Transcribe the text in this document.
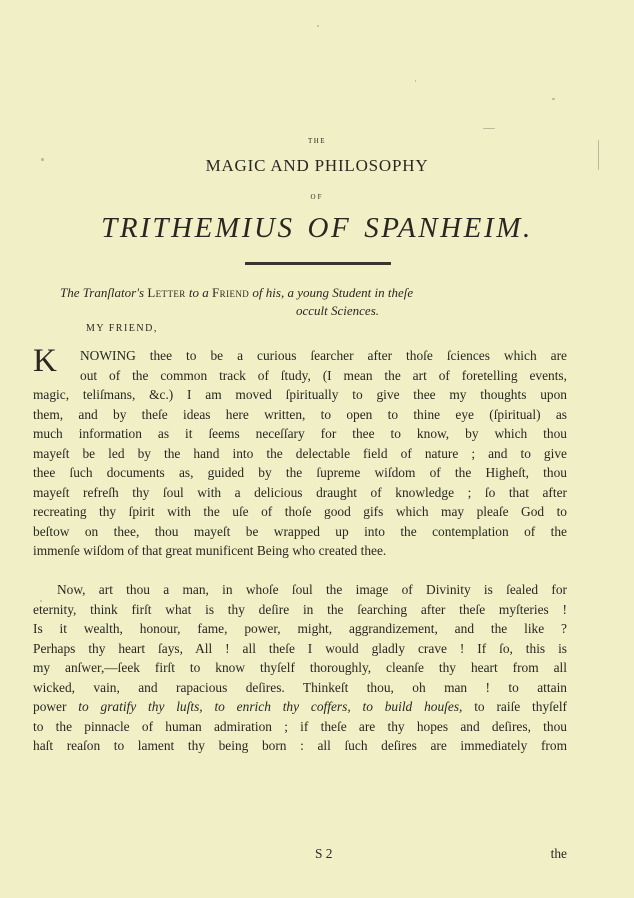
THE
MAGIC AND PHILOSOPHY
OF
TRITHEMIUS OF SPANHEIM.
The Tranſlator's Letter to a Friend of his, a young Student in theſe
occult Sciences.
MY FRIEND,
K	NOWING thee to be a curious ſearcher after thoſe ſciences which are
out of the common track of ſtudy, (I mean the art of foretelling events,
magic, teliſmans, &c.) I am moved ſpiritually to give thee my thoughts upon
them, and by theſe ideas here written, to open to thine eye (ſpiritual) as
much information as it ſeems neceſſary for thee to know, by which thou
mayeſt be led by the hand into the delectable field of nature ; and to give
thee ſuch documents as, guided by the ſupreme wiſdom of the Higheſt, thou
mayeſt refreſh thy ſoul with a delicious draught of knowledge ; ſo that after
recreating thy ſpirit with the uſe of thoſe good gifs which may pleaſe God to
beſtow on thee, thou mayeſt be wrapped up into the contemplation of the
immenſe wiſdom of that great munificent Being who created thee.
Now, art thou a man, in whoſe ſoul the image of Divinity is ſealed for
eternity, think firſt what is thy deſire in the ſearching after theſe myſteries !
Is it wealth, honour, fame, power, might, aggrandizement, and the like ?
Perhaps thy heart ſays, All ! all theſe I would gladly crave ! If ſo, this is
my anſwer,—ſeek firſt to know thyſelf thoroughly, cleanſe thy heart from all
wicked, vain, and rapacious deſires. Thinkeſt thou, oh man ! to attain
power to gratify thy luſts, to enrich thy coffers, to build houſes, to raiſe thyſelf
to the pinnacle of human admiration ; if theſe are thy hopes and deſires, thou
haſt reaſon to lament thy being born : all ſuch deſires are immediately from
S 2	the
